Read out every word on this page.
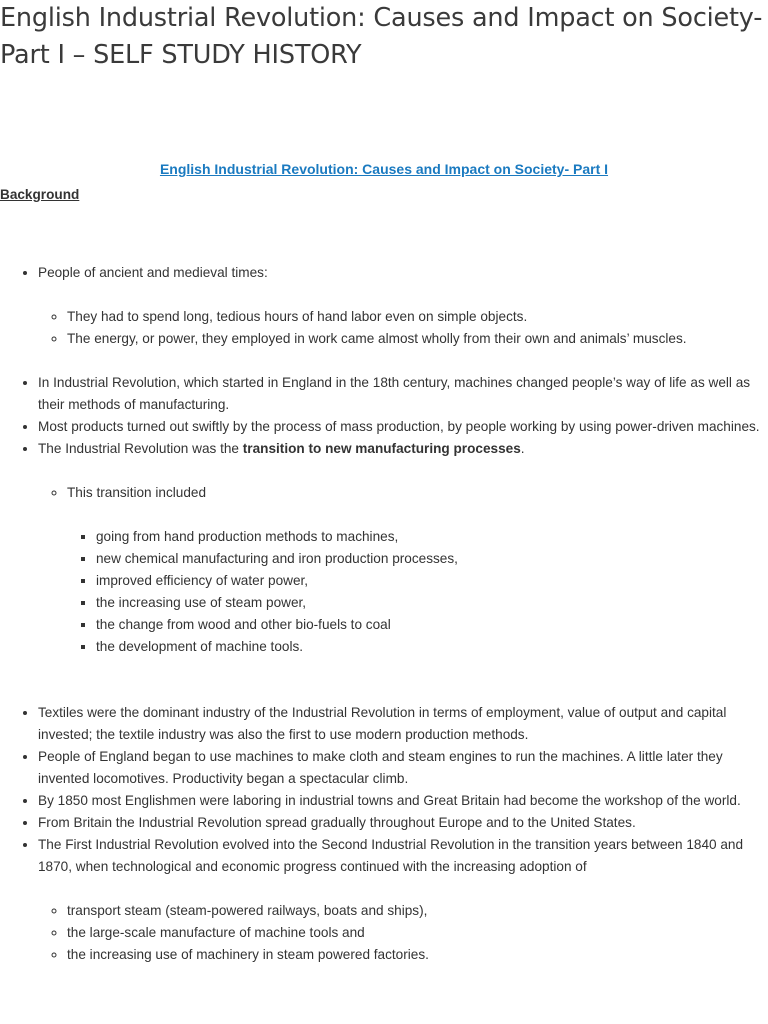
English Industrial Revolution: Causes and Impact on Society- Part I – SELF STUDY HISTORY
English Industrial Revolution: Causes and Impact on Society- Part I
Background
• People of ancient and medieval times:
◦ They had to spend long, tedious hours of hand labor even on simple objects.
◦ The energy, or power, they employed in work came almost wholly from their own and animals’ muscles.
• In Industrial Revolution, which started in England in the 18th century, machines changed people’s way of life as well as their methods of manufacturing.
• Most products turned out swiftly by the process of mass production, by people working by using power-driven machines.
• The Industrial Revolution was the transition to new manufacturing processes.
◦ This transition included
▪ going from hand production methods to machines,
▪ new chemical manufacturing and iron production processes,
▪ improved efficiency of water power,
▪ the increasing use of steam power,
▪ the change from wood and other bio-fuels to coal
▪ the development of machine tools.
• Textiles were the dominant industry of the Industrial Revolution in terms of employment, value of output and capital invested; the textile industry was also the first to use modern production methods.
• People of England began to use machines to make cloth and steam engines to run the machines. A little later they invented locomotives. Productivity began a spectacular climb.
• By 1850 most Englishmen were laboring in industrial towns and Great Britain had become the workshop of the world.
• From Britain the Industrial Revolution spread gradually throughout Europe and to the United States.
• The First Industrial Revolution evolved into the Second Industrial Revolution in the transition years between 1840 and 1870, when technological and economic progress continued with the increasing adoption of
◦ transport steam (steam-powered railways, boats and ships),
◦ the large-scale manufacture of machine tools and
◦ the increasing use of machinery in steam powered factories.
